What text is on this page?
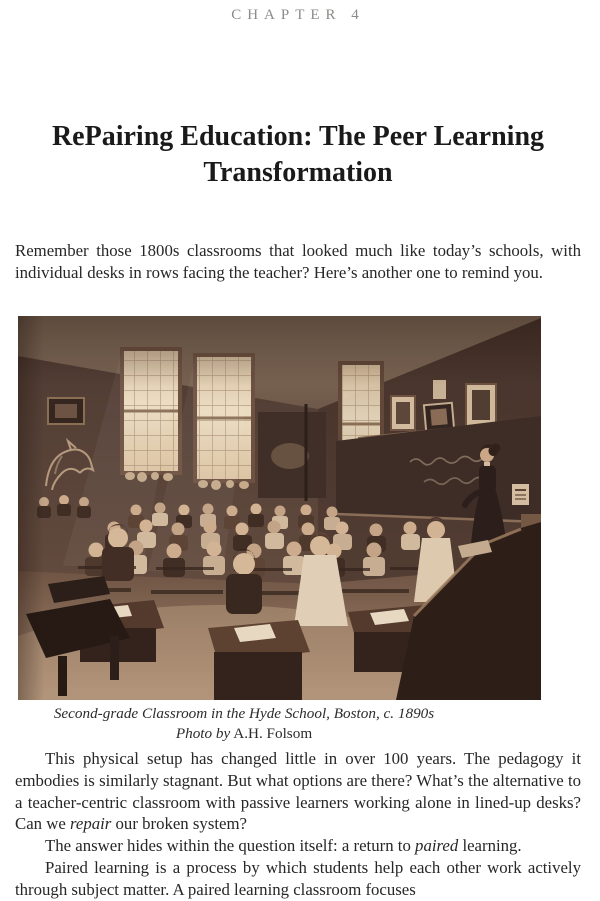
CHAPTER 4
RePairing Education: The Peer Learning
Transformation
Remember those 1800s classrooms that looked much like today’s schools, with individual desks in rows facing the teacher? Here’s another one to remind you.
Second-grade Classroom in the Hyde School, Boston, c. 1890s
Photo by A.H. Folsom

This physical setup has changed little in over 100 years. The pedagogy it embodies is similarly stagnant. But what options are there? What’s the alternative to a teacher-centric classroom with passive learners working alone in lined-up desks? Can we repair our broken system?

The answer hides within the question itself: a return to paired learning.

Paired learning is a process by which students help each other work actively through subject matter. A paired learning classroom focuses
